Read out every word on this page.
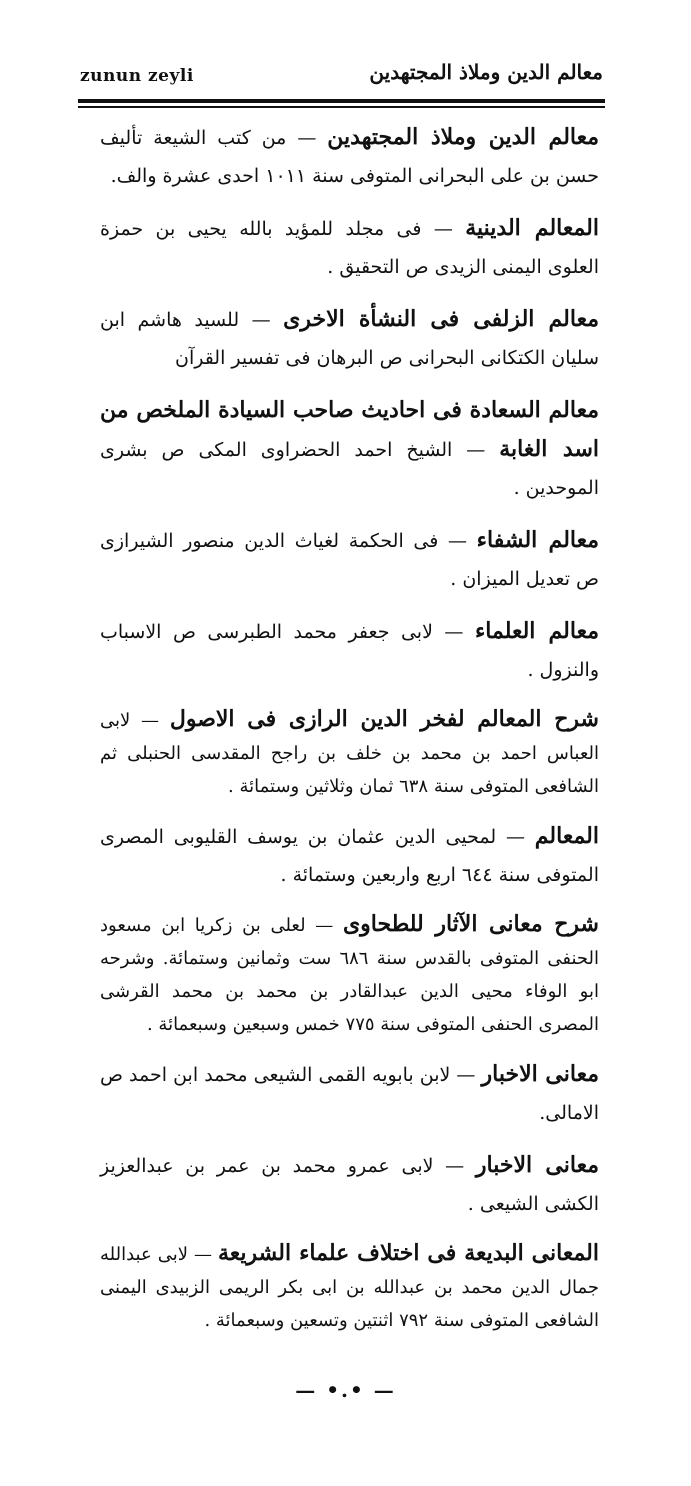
zunun zeyli	معالم الدين وملاذ المجتهدين

معالم الدين وملاذ المجتهدين — من كتب الشيعة تأليف حسن بن على البحرانى المتوفى سنة ١٠١١ احدى عشرة والف.

المعالم الدينية — فى مجلد للمؤيد بالله يحيى بن حمزة العلوى اليمنى الزيدى ص التحقيق .

معالم الزلفى فى النشأة الاخرى — للسيد هاشم ابن سليان الكتكانى البحرانى ص البرهان فى تفسير القرآن

معالم السعادة فى احاديث صاحب السيادة الملخص من اسد الغابة — الشيخ احمد الحضراوى المكى ص بشرى الموحدين .

معالم الشفاء — فى الحكمة لغياث الدين منصور الشيرازى ص تعديل الميزان .

معالم العلماء — لابى جعفر محمد الطبرسى ص الاسباب والنزول .

شرح المعالم لفخر الدين الرازى فى الاصول — لابى العباس احمد بن محمد بن خلف بن راجح المقدسى الحنبلى ثم الشافعى المتوفى سنة ٦٣٨ ثمان وثلاثين وستمائة .

المعالم — لمحيى الدين عثمان بن يوسف القليوبى المصرى المتوفى سنة ٦٤٤ اربع واربعين وستمائة .

شرح معانى الآثار للطحاوى — لعلى بن زكريا ابن مسعود الحنفى المتوفى بالقدس سنة ٦٨٦ ست وثمانين وستمائة. وشرحه ابو الوفاء محيى الدين عبدالقادر بن محمد بن محمد القرشى المصرى الحنفى المتوفى سنة ٧٧٥ خمس وسبعين وسبعمائة .

معانى الاخبار — لابن بابويه القمى الشيعى محمد ابن احمد ص الامالى.

معانى الاخبار — لابى عمرو محمد بن عمر بن عبدالعزيز الكشى الشيعى .

المعانى البديعة فى اختلاف علماء الشريعة — لابى عبدالله جمال الدين محمد بن عبدالله بن ابى بكر الريمى الزبيدى اليمنى الشافعى المتوفى سنة ٧٩٢ اثنتين وتسعين وسبعمائة .

— •.• —
